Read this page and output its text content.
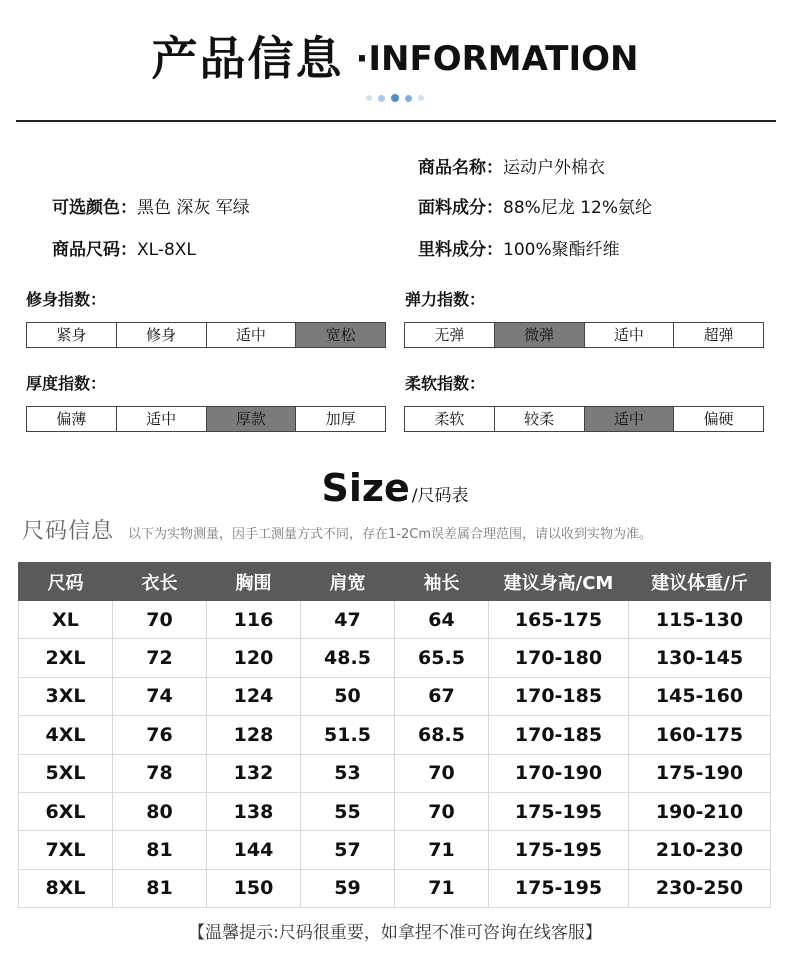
产品信息 ·INFORMATION
商品名称：运动户外棉衣
可选颜色：黑色 深灰 军绿	面料成分：88%尼龙 12%氨纶
商品尺码：XL-8XL	里料成分：100%聚酯纤维
修身指数：
紧身	修身	适中	宽松
弹力指数：
无弹	微弹	适中	超弹
厚度指数：
偏薄	适中	厚款	加厚
柔软指数：
柔软	较柔	适中	偏硬
Size /尺码表
尺码信息 以下为实物测量，因手工测量方式不同，存在1-2Cm误差属合理范围，请以收到实物为准。
尺码	衣长	胸围	肩宽	袖长	建议身高/CM	建议体重/斤
XL	70	116	47	64	165-175	115-130
2XL	72	120	48.5	65.5	170-180	130-145
3XL	74	124	50	67	170-185	145-160
4XL	76	128	51.5	68.5	170-185	160-175
5XL	78	132	53	70	170-190	175-190
6XL	80	138	55	70	175-195	190-210
7XL	81	144	57	71	175-195	210-230
8XL	81	150	59	71	175-195	230-250
【温馨提示:尺码很重要，如拿捏不准可咨询在线客服】
